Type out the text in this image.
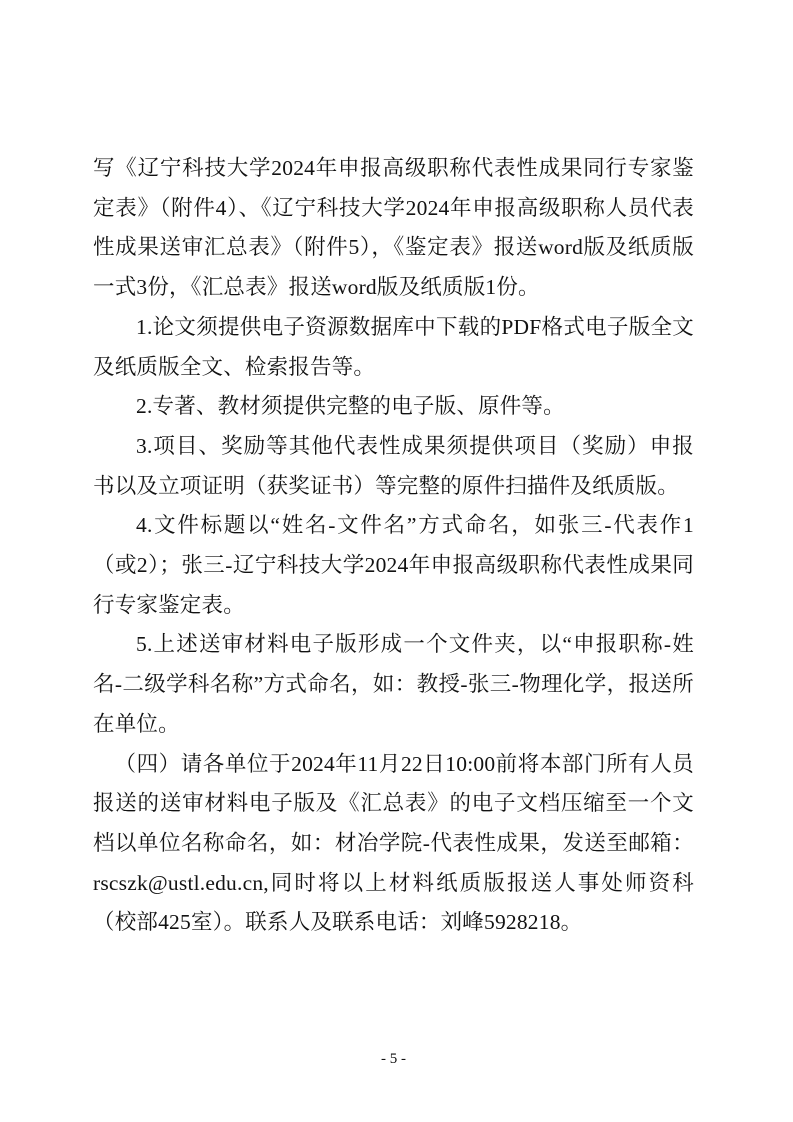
写《辽宁科技大学2024年申报高级职称代表性成果同行专家鉴定表》（附件4）、《辽宁科技大学2024年申报高级职称人员代表性成果送审汇总表》（附件5），《鉴定表》报送word版及纸质版一式3份，《汇总表》报送word版及纸质版1份。

1.论文须提供电子资源数据库中下载的PDF格式电子版全文及纸质版全文、检索报告等。

2.专著、教材须提供完整的电子版、原件等。

3.项目、奖励等其他代表性成果须提供项目（奖励）申报书以及立项证明（获奖证书）等完整的原件扫描件及纸质版。

4.文件标题以“姓名-文件名”方式命名，如张三-代表作1（或2）；张三-辽宁科技大学2024年申报高级职称代表性成果同行专家鉴定表。

5.上述送审材料电子版形成一个文件夹，以“申报职称-姓名-二级学科名称”方式命名，如：教授-张三-物理化学，报送所在单位。

（四）请各单位于2024年11月22日10:00前将本部门所有人员报送的送审材料电子版及《汇总表》的电子文档压缩至一个文档以单位名称命名，如：材冶学院-代表性成果，发送至邮箱：rscszk@ustl.edu.cn,同时将以上材料纸质版报送人事处师资科（校部425室）。联系人及联系电话：刘峰5928218。

- 5 -
